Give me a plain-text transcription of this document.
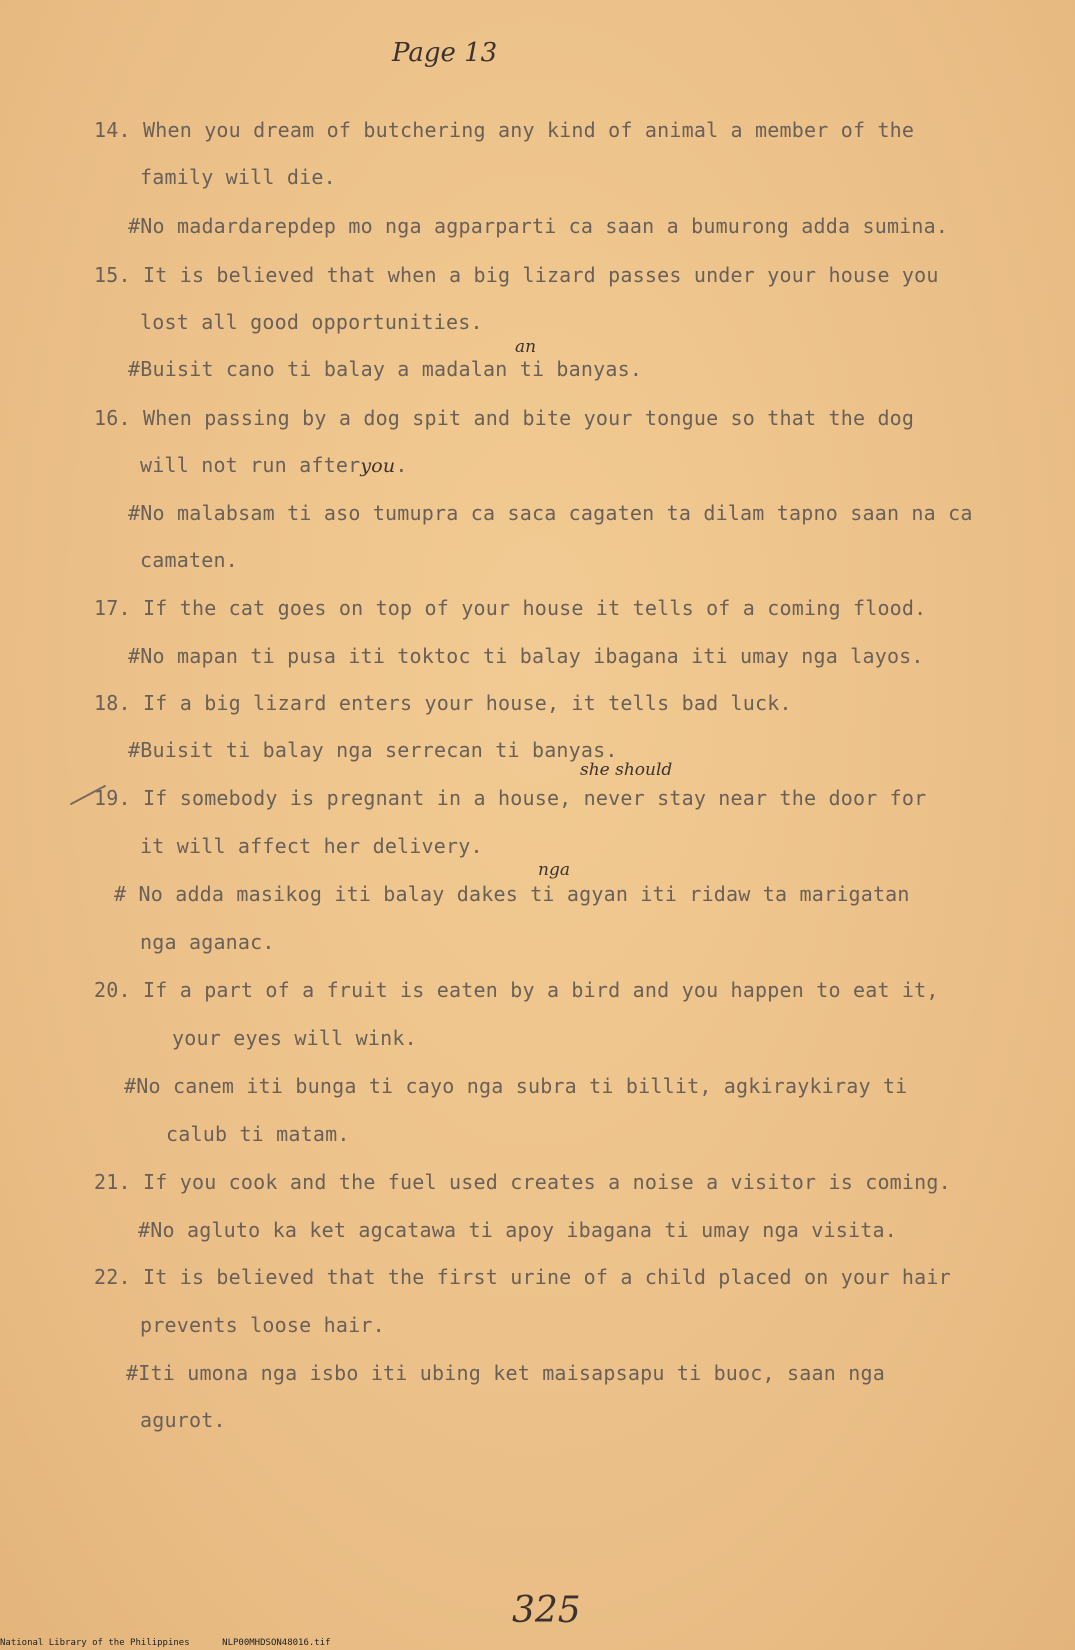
Page 13
14. When you dream of butchering any kind of animal a member of the
family will die.
#No madardarepdep mo nga agparparti ca saan a bumurong adda sumina.
15. It is believed that when a big lizard passes under your house you
lost all good opportunities.
#Buisit cano ti balay a madalan ti banyas.
an
16. When passing by a dog spit and bite your tongue so that the dog
will not run afteryou.
#No malabsam ti aso tumupra ca saca cagaten ta dilam tapno saan na ca
camaten.
17. If the cat goes on top of your house it tells of a coming flood.
#No mapan ti pusa iti toktoc ti balay ibagana iti umay nga layos.
18. If a big lizard enters your house, it tells bad luck.
#Buisit ti balay nga serrecan ti banyas.
19. If somebody is pregnant in a house, never stay near the door for
she should
it will affect her delivery.
# No adda masikog iti balay dakes ti agyan iti ridaw ta marigatan
nga
nga aganac.
20. If a part of a fruit is eaten by a bird and you happen to eat it,
your eyes will wink.
#No canem iti bunga ti cayo nga subra ti billit, agkiraykiray ti
calub ti matam.
21. If you cook and the fuel used creates a noise a visitor is coming.
#No agluto ka ket agcatawa ti apoy ibagana ti umay nga visita.
22. It is believed that the first urine of a child placed on your hair
prevents loose hair.
#Iti umona nga isbo iti ubing ket maisapsapu ti buoc, saan nga
agurot.
325
National Library of the Philippines	NLP00MHDSON48016.tif
